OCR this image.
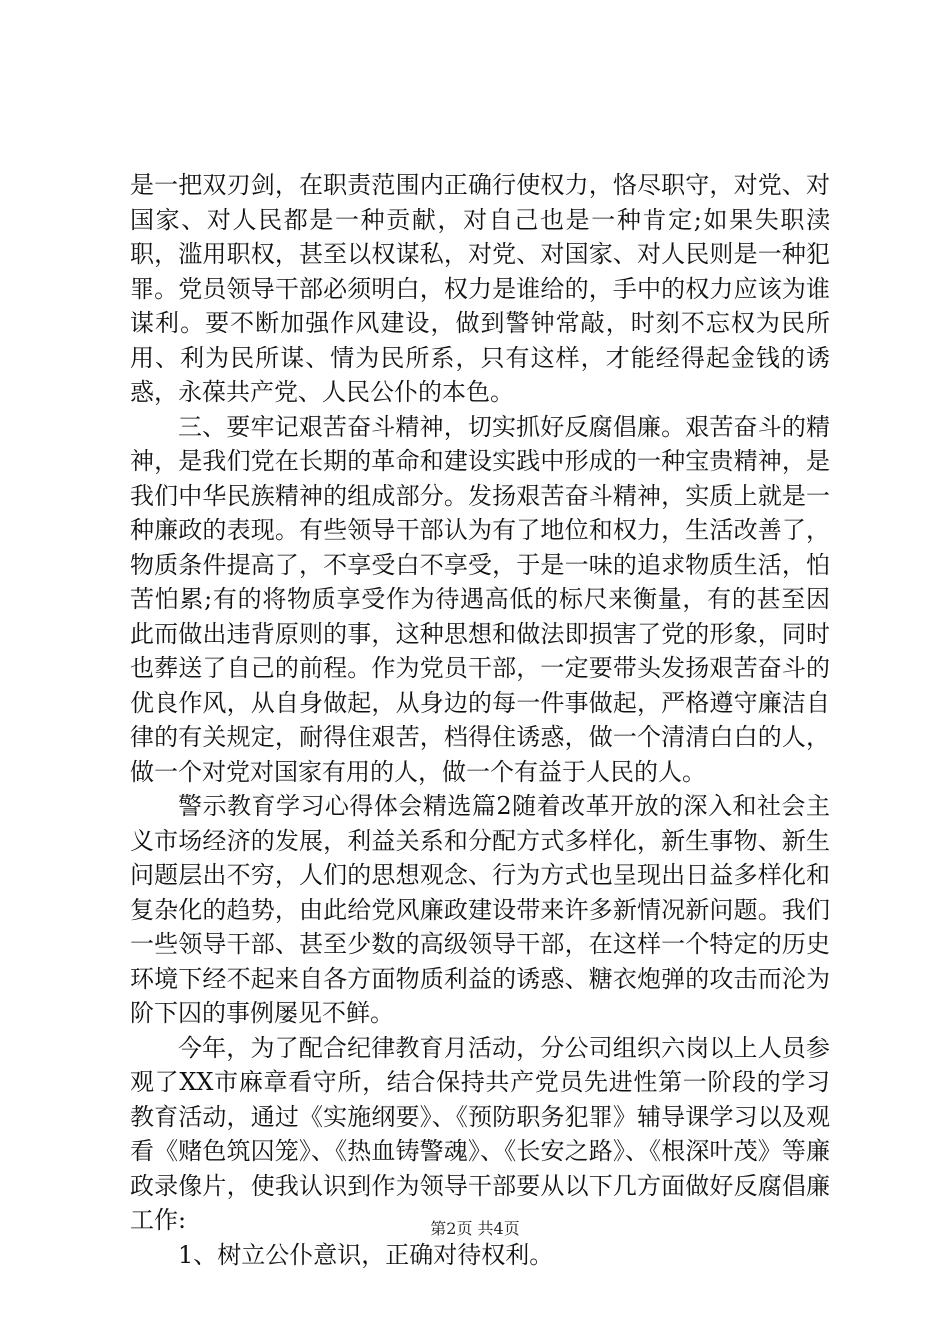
是一把双刃剑，在职责范围内正确行使权力，恪尽职守，对党、对国家、对人民都是一种贡献，对自己也是一种肯定;如果失职渎职，滥用职权，甚至以权谋私，对党、对国家、对人民则是一种犯罪。党员领导干部必须明白，权力是谁给的，手中的权力应该为谁谋利。要不断加强作风建设，做到警钟常敲，时刻不忘权为民所用、利为民所谋、情为民所系，只有这样，才能经得起金钱的诱惑，永葆共产党、人民公仆的本色。

三、要牢记艰苦奋斗精神，切实抓好反腐倡廉。艰苦奋斗的精神，是我们党在长期的革命和建设实践中形成的一种宝贵精神，是我们中华民族精神的组成部分。发扬艰苦奋斗精神，实质上就是一种廉政的表现。有些领导干部认为有了地位和权力，生活改善了，物质条件提高了，不享受白不享受，于是一味的追求物质生活，怕苦怕累;有的将物质享受作为待遇高低的标尺来衡量，有的甚至因此而做出违背原则的事，这种思想和做法即损害了党的形象，同时也葬送了自己的前程。作为党员干部，一定要带头发扬艰苦奋斗的优良作风，从自身做起，从身边的每一件事做起，严格遵守廉洁自律的有关规定，耐得住艰苦，档得住诱惑，做一个清清白白的人，做一个对党对国家有用的人，做一个有益于人民的人。

警示教育学习心得体会精选篇2随着改革开放的深入和社会主义市场经济的发展，利益关系和分配方式多样化，新生事物、新生问题层出不穷，人们的思想观念、行为方式也呈现出日益多样化和复杂化的趋势，由此给党风廉政建设带来许多新情况新问题。我们一些领导干部、甚至少数的高级领导干部，在这样一个特定的历史环境下经不起来自各方面物质利益的诱惑、糖衣炮弹的攻击而沦为阶下囚的事例屡见不鲜。

今年，为了配合纪律教育月活动，分公司组织六岗以上人员参观了XX市麻章看守所，结合保持共产党员先进性第一阶段的学习教育活动，通过《实施纲要》、《预防职务犯罪》辅导课学习以及观看《赌色筑囚笼》、《热血铸警魂》、《长安之路》、《根深叶茂》等廉政录像片，使我认识到作为领导干部要从以下几方面做好反腐倡廉工作:

1、树立公仆意识，正确对待权利。

第2页 共4页
